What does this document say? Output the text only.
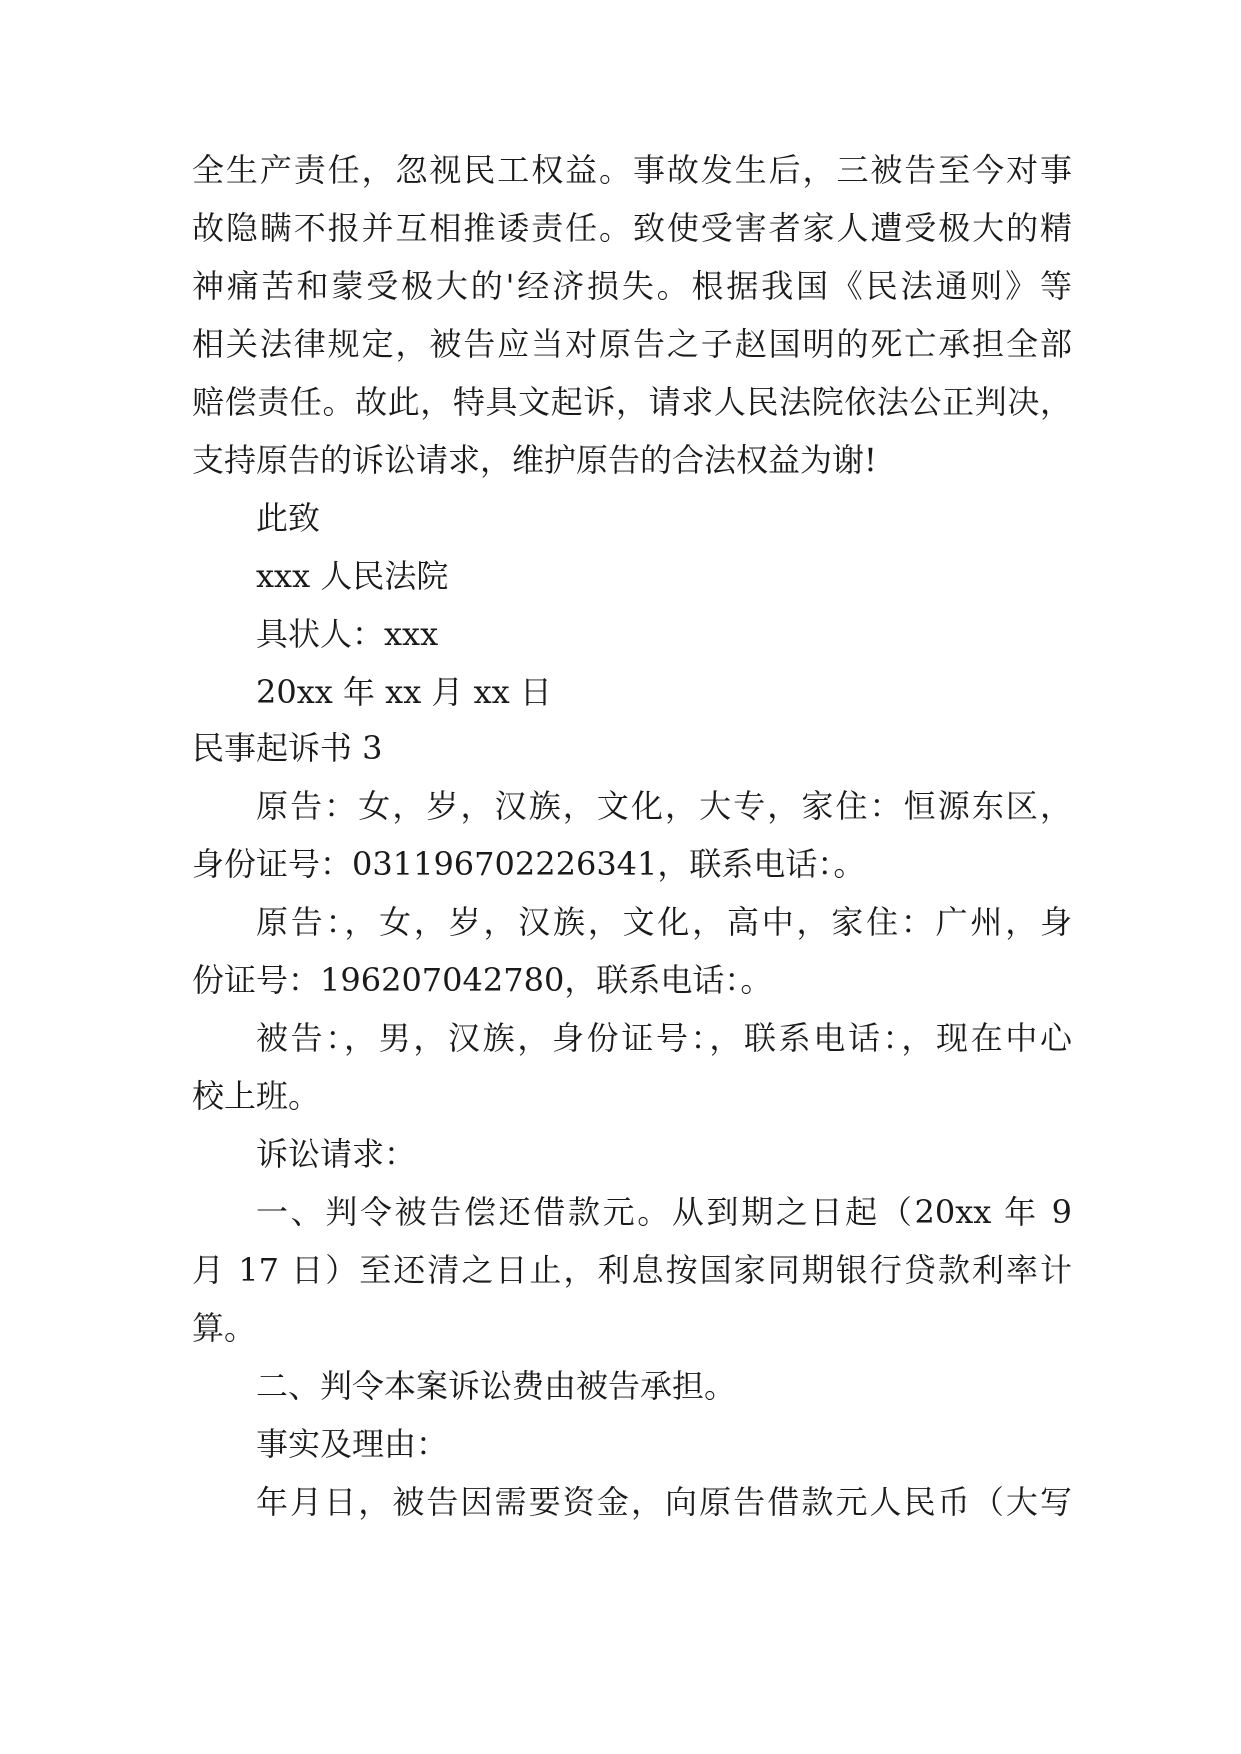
全生产责任，忽视民工权益。事故发生后，三被告至今对事
故隐瞒不报并互相推诿责任。致使受害者家人遭受极大的精
神痛苦和蒙受极大的'经济损失。根据我国《民法通则》等
相关法律规定，被告应当对原告之子赵国明的死亡承担全部
赔偿责任。故此，特具文起诉，请求人民法院依法公正判决，
支持原告的诉讼请求，维护原告的合法权益为谢!
此致
xxx 人民法院
具状人：xxx
20xx 年 xx 月 xx 日
民事起诉书 3
原告：女，岁，汉族，文化，大专，家住：恒源东区，
身份证号：031196702226341，联系电话：。
原告：，女，岁，汉族，文化，高中，家住：广州，身
份证号：196207042780，联系电话：。
被告：，男，汉族，身份证号：，联系电话：，现在中心
校上班。
诉讼请求：
一、判令被告偿还借款元。从到期之日起（20xx 年 9
月 17 日）至还清之日止，利息按国家同期银行贷款利率计
算。
二、判令本案诉讼费由被告承担。
事实及理由：
年月日，被告因需要资金，向原告借款元人民币（大写
